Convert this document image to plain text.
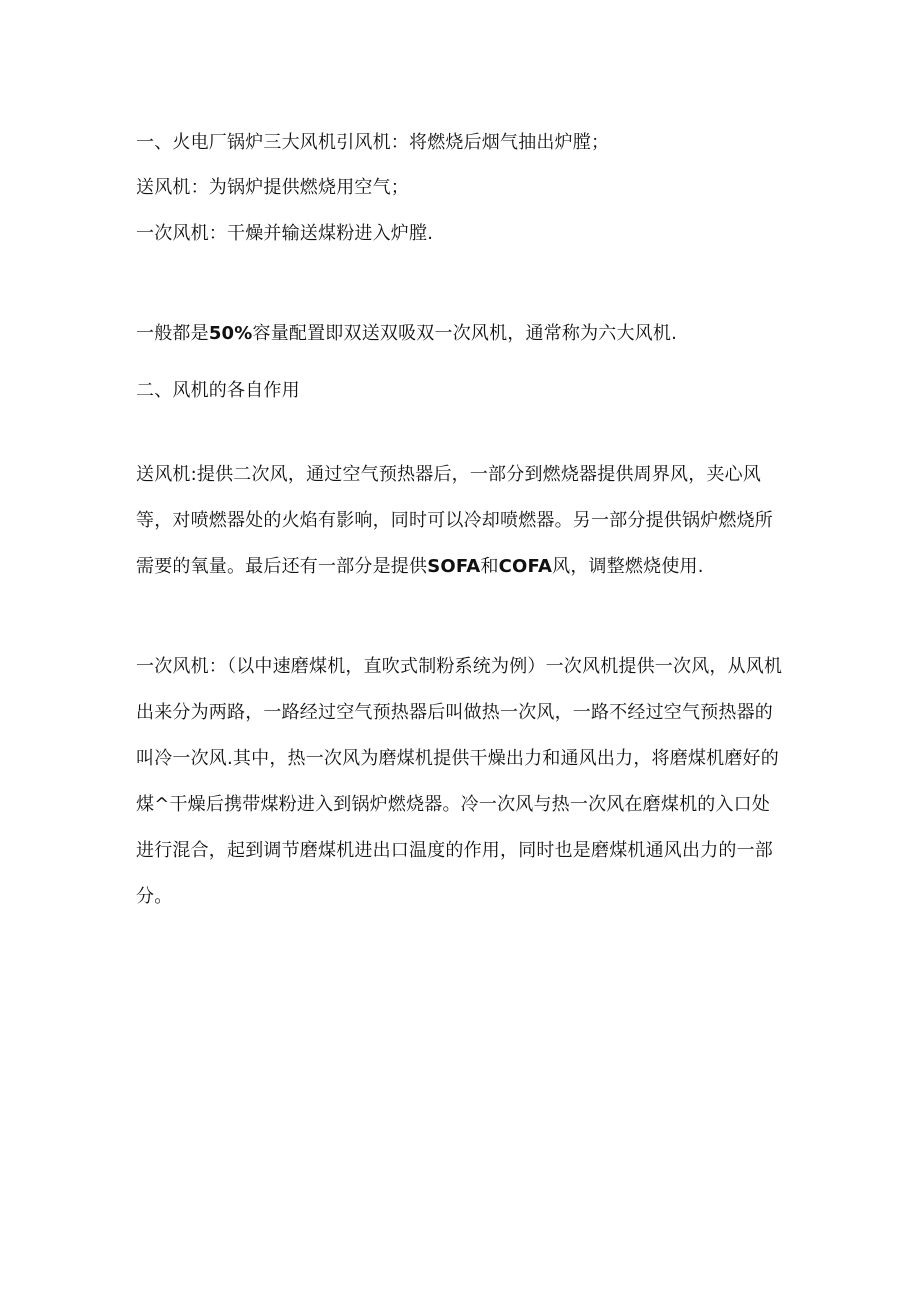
一、火电厂锅炉三大风机引风机：将燃烧后烟气抽出炉膛；

送风机：为锅炉提供燃烧用空气；

一次风机：干燥并输送煤粉进入炉膛.

一般都是50%容量配置即双送双吸双一次风机，通常称为六大风机.

二、风机的各自作用

送风机:提供二次风，通过空气预热器后，一部分到燃烧器提供周界风，夹心风等，对喷燃器处的火焰有影响，同时可以冷却喷燃器。另一部分提供锅炉燃烧所需要的氧量。最后还有一部分是提供SOFA和COFA风，调整燃烧使用.

一次风机：（以中速磨煤机，直吹式制粉系统为例）一次风机提供一次风，从风机出来分为两路，一路经过空气预热器后叫做热一次风，一路不经过空气预热器的叫冷一次风.其中，热一次风为磨煤机提供干燥出力和通风出力，将磨煤机磨好的煤^干燥后携带煤粉进入到锅炉燃烧器。冷一次风与热一次风在磨煤机的入口处进行混合，起到调节磨煤机进出口温度的作用，同时也是磨煤机通风出力的一部分。
